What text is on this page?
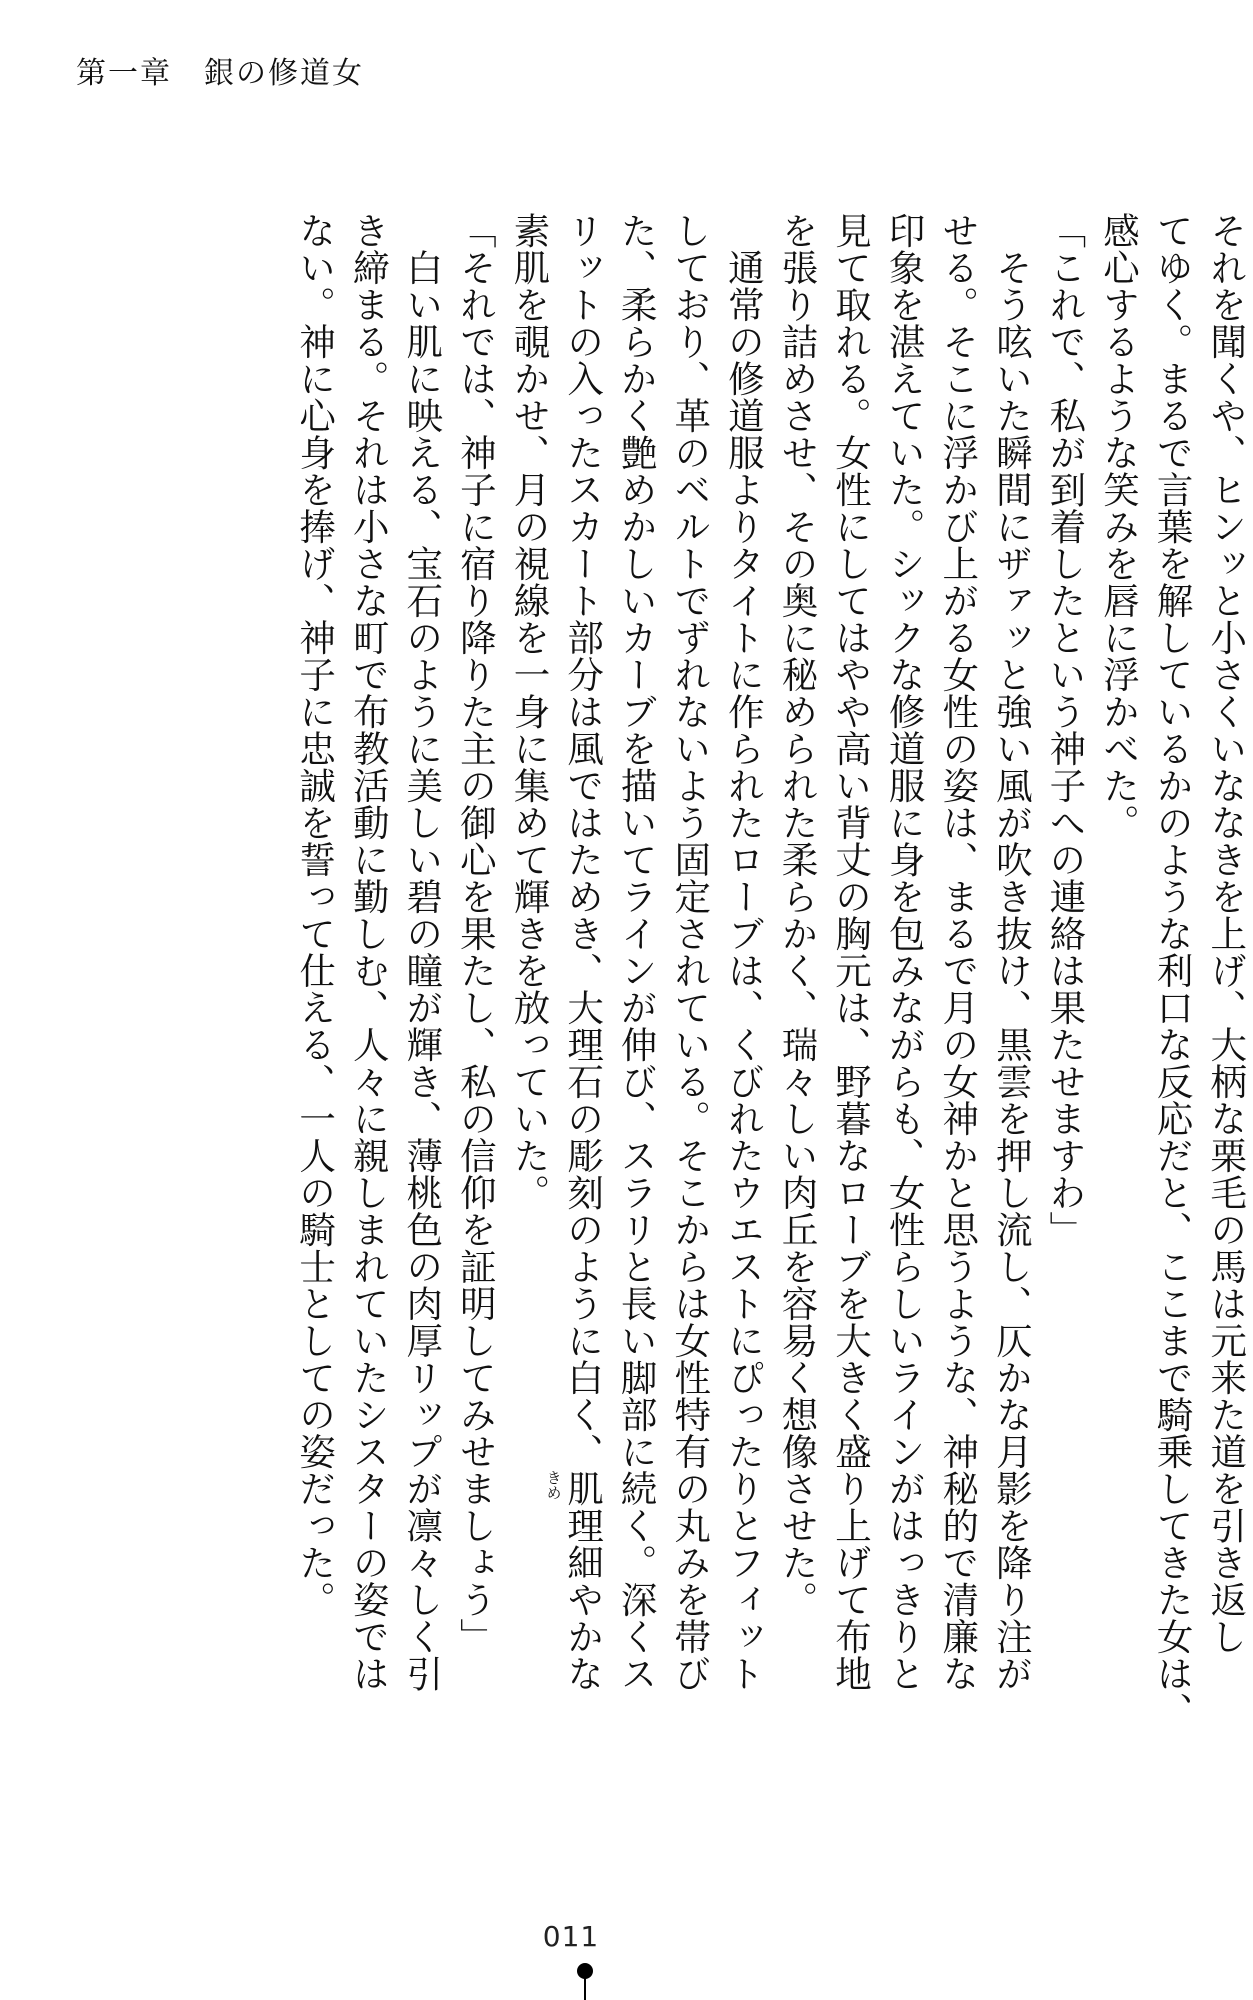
第一章　銀の修道女
それを聞くや、ヒンッと小さくいななきを上げ、大柄な栗毛の馬は元来た道を引き返し
てゆく。まるで言葉を解しているかのような利口な反応だと、ここまで騎乗してきた女は、
感心するような笑みを唇に浮かべた。
「これで、私が到着したという神子への連絡は果たせますわ」
そう呟いた瞬間にザァッと強い風が吹き抜け、黒雲を押し流し、仄かな月影を降り注が
せる。そこに浮かび上がる女性の姿は、まるで月の女神かと思うような、神秘的で清廉な
印象を湛えていた。シックな修道服に身を包みながらも、女性らしいラインがはっきりと
見て取れる。女性にしてはやや高い背丈の胸元は、野暮なローブを大きく盛り上げて布地
を張り詰めさせ、その奥に秘められた柔らかく、瑞々しい肉丘を容易く想像させた。
通常の修道服よりタイトに作られたローブは、くびれたウエストにぴったりとフィット
しており、革のベルトでずれないよう固定されている。そこからは女性特有の丸みを帯び
た、柔らかく艶めかしいカーブを描いてラインが伸び、スラリと長い脚部に続く。深くス
リットの入ったスカート部分は風ではためき、大理石の彫刻のように白く、肌理
きめ
細やかな
素肌を覗かせ、月の視線を一身に集めて輝きを放っていた。
「それでは、神子に宿り降りた主の御心を果たし、私の信仰を証明してみせましょう」
白い肌に映える、宝石のように美しい碧の瞳が輝き、薄桃色の肉厚リップが凛々しく引
き締まる。それは小さな町で布教活動に勤しむ、人々に親しまれていたシスターの姿では
ない。神に心身を捧げ、神子に忠誠を誓って仕える、一人の騎士としての姿だった。
011
